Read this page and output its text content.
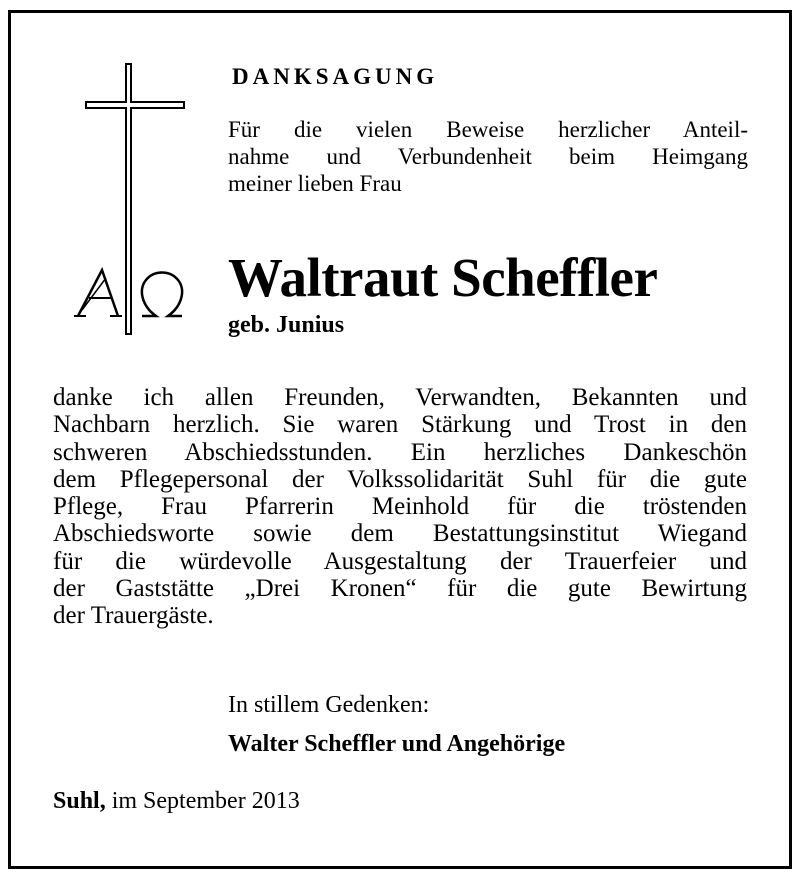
DANKSAGUNG
Für die vielen Beweise herzlicher Anteil-
nahme und Verbundenheit beim Heimgang
meiner lieben Frau
Waltraut Scheffler
geb. Junius
danke ich allen Freunden, Verwandten, Bekannten und
Nachbarn herzlich. Sie waren Stärkung und Trost in den
schweren Abschiedsstunden. Ein herzliches Dankeschön
dem Pflegepersonal der Volkssolidarität Suhl für die gute
Pflege, Frau Pfarrerin Meinhold für die tröstenden
Abschiedsworte sowie dem Bestattungsinstitut Wiegand
für die würdevolle Ausgestaltung der Trauerfeier und
der Gaststätte „Drei Kronen“ für die gute Bewirtung
der Trauergäste.
In stillem Gedenken:
Walter Scheffler und Angehörige
Suhl, im September 2013
